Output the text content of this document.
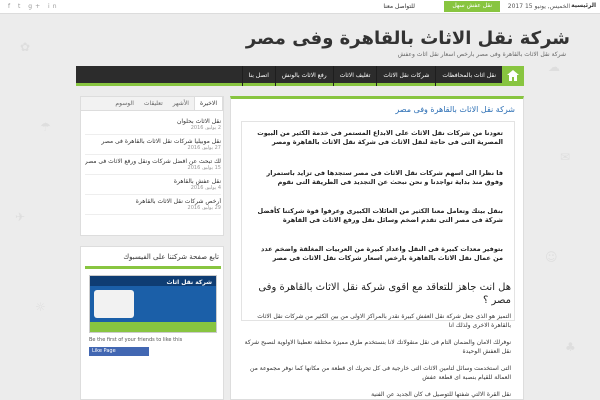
✿
☂
✈
☼
☁
✉
☺
♣
f t g+ in	للتواصل معنا	نقل عفش سهل	الخميس, يونيو 15 2017 الرئيسية
شركة نقل الاثاث بالقاهرة وفى مصر
شركة نقل الاثاث بالقاهرة وفى مصر بارخص اسعار نقل اثاث وعفش
نقل اثاث بالمحافظات
شركات نقل الاثاث
تغليف الاثاث
رفع الاثاث بالونش
اتصل بنا
شركة نقل الاثاث بالقاهرة وفى مصر
تعودنا من شركات نقل الاثاث على الابداع المستمر فى خدمة الكثير من البيوت المصرية التى فى حاجة لنقل الاثاث فى شركة نقل الاثاث بالقاهرة ومصر
فا نظرا الى اسهم شركات نقل الاثاث فى مصر ستجدها فى تزايد باستمرار وفوق منذ بداية تواجدنا و نحن نبحث عن التجديد فى الطريقة التى نقوم
بنقل بيتك وتعامل معنا الكثير من العائلات الكبيرى وعرفوا قوة شركتنا كأفضل شركة فى مصر التى تقدم اضخم وسائل نقل ورفع الاثاث فى القاهرة
بتوفير معدات كبيرة فى النقل واعداد كبيرة من العربيات المغلقة واضخم عدد من عمال نقل الاثاث بالقاهرة بارخص اسعار شركات نقل الاثاث فى مصر
هل انت جاهز للتعاقد مع اقوى شركة نقل الاثاث بالقاهرة وفى مصر ؟
التميز هو الذى جعل شركة نقل العفش كبيرة نقدر بالمراكز الاولى من بين الكثير من شركات نقل الاثاث بالقاهرة الاخرى ولذلك انا
نوفرلك الامان والضمان التام فى نقل منقولاتك لانا بنستخدم طرق مميزة مختلفة تعطينا الاولوية لنصبح شركة نقل العفش الوحيدة
التى استخدمت وسائل لتامين الاثاث التى خارجية فى كل تحريك اى قطعة من مكانها كما نوفر مجموعة من العمالة للقيام بنصبة اى قطعة عفش
نقل القرة الالتي شفتها للتوصيل ف كان الجديد عن الفنية
الاخيرة
الأشهر
تعليقات
الوسوم
نقل الاثاث بحلوان
2 يوليو, 2016
نقل موبيليا شركات نقل الاثاث بالقاهرة فى مصر
27 يوليو, 2016
لك تبحث عن افضل شركات ونقل ورفع الاثاث فى مصر
15 يوليو, 2016
نقل عفش بالقاهرة
4 يوليو, 2016
أرخص شركات نقل الاثاث بالقاهرة
29 يوليو, 2016
تابع صفحة شركتنا على الفيسبوك
شركة نقل اثاث
Be the first of your friends to like this
Like Page
